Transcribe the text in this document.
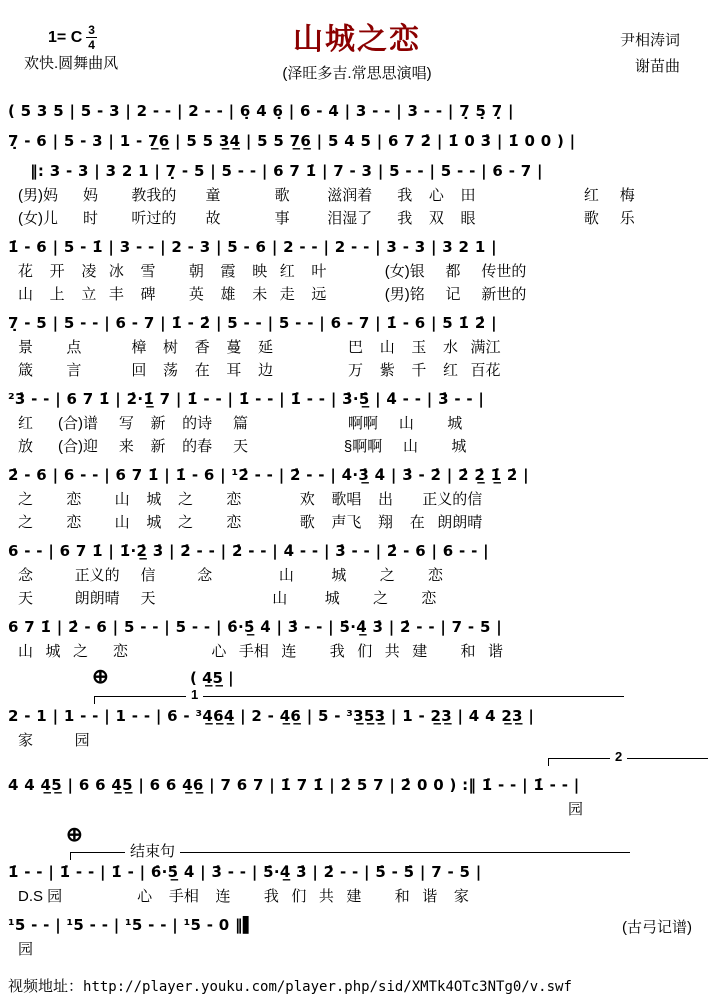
1= C $\frac{3}{4}$
欢快.圆舞曲风
山城之恋
(泽旺多吉.常思思演唱)
尹相涛词
谢苗曲
( 5 3 5 | 5 - 3 | 2 - - | 2 - - | 6̣ 4 6̣ | 6 - 4 | 3 - - | 3 - - | 7̣ 5̣ 7̣ |
7̣ - 6 | 5 - 3 | 1 - 7̲6̲ | 5 5 3̲4̲ | 5 5 7̲6̲ | 5 4 5 | 6 7 2̇ | 1̇ 0 3̇ | 1̇ 0 0 ) |
‖: 3 - 3 | 3 2 1 | 7̣ - 5 | 5 - - | 6 7 1̇ | 7 - 3 | 5 - - | 5 - - | 6 - 7 |
(男)妈      妈        教我的       童             歌         滋润着      我    心    田                          红     梅
(女)儿      时        听过的       故             事         泪湿了      我    双    眼                          歌     乐
1̇ - 6 | 5 - 1̇ | 3 - - | 2 - 3 | 5 - 6 | 2 - - | 2 - - | 3 - 3 | 3 2 1 |
花    开    凌   冰    雪        朝    霞    映   红    叶              (女)银     都     传世的
山    上    立   丰    碑        英    雄    未   走    远              (男)铭     记     新世的
7̣ - 5 | 5 - - | 6 - 7 | 1̇ - 2̇ | 5 - - | 5 - - | 6 - 7 | 1̇ - 6 | 5 1̇ 2̇ |
景        点            樟    树    香    蔓    延                  巴    山    玉    水   满江
箴        言            回    荡    在    耳    边                  万    紫    千    红   百花
²3̇ - - | 6 7 1̇ | 2̇·1̲̇ 7 | 1̇ - - | 1̇ - - | 1̇ - - | 3̇·5̲̇ | 4̇ - - | 3̇ - - |
红      (合)谱     写    新    的诗     篇                        啊啊     山        城
放      (合)迎     来    新    的春     天                       §啊啊     山        城
2̇ - 6 | 6 - - | 6 7 1̇ | 1̇ - 6 | ¹2̇ - - | 2̇ - - | 4̇·3̲̇ 4̇ | 3̇ - 2̇ | 2̇ 2̲̇ 1̲̇ 2̇ |
之        恋        山    城    之        恋              欢    歌唱    出       正义的信
之        恋        山    城    之        恋              歌    声飞    翔    在   朗朗晴
6 - - | 6 7 1̇ | 1̇·2̲̇ 3̇ | 2̇ - - | 2̇ - - | 4̇ - - | 3̇ - - | 2̇ - 6 | 6 - - |
念          正义的     信          念                山         城        之        恋
天          朗朗晴     天                            山         城        之        恋
6 7 1̇ | 2̇ - 6 | 5 - - | 5 - - | 6̇·5̲̇ 4̇ | 3̇ - - | 5̇·4̲̇ 3̇ | 2̇ - - | 7 - 5 |
山   城   之      恋                    心   手相   连        我   们   共   建        和   谐
⊕	( 4̲5̲ |
1
2 - 1 | 1 - - | 1 - - | 6 - ³4̲6̲4̲ | 2 - 4̲6̲ | 5 - ³3̲5̲3̲ | 1 - 2̲3̲ | 4 4 2̲3̲ |
家          园
2
4 4 4̲5̲ | 6 6 4̲5̲ | 6 6 4̲6̲ | 7 6 7 | 1̇ 7 1̇ | 2̇ 5 7 | 2̇ 0 0 ) :‖ 1̇ - - | 1̇ - - |
园
⊕
结束句
1̇ - - | 1̇ - - | 1̇ - | 6̇·5̲̇ 4̇ | 3̇ - - | 5̇·4̲̇ 3̇ | 2̇ - - | 5̇ - 5̇ | 7 - 5 |
D.S 园                  心    手相    连        我   们   共   建        和   谐    家
¹5 - - | ¹5 - - | ¹5 - - | ¹5 - 0 ‖▌
园
(古弓记谱)
视频地址：http://player.youku.com/player.php/sid/XMTk4OTc3NTg0/v.swf
